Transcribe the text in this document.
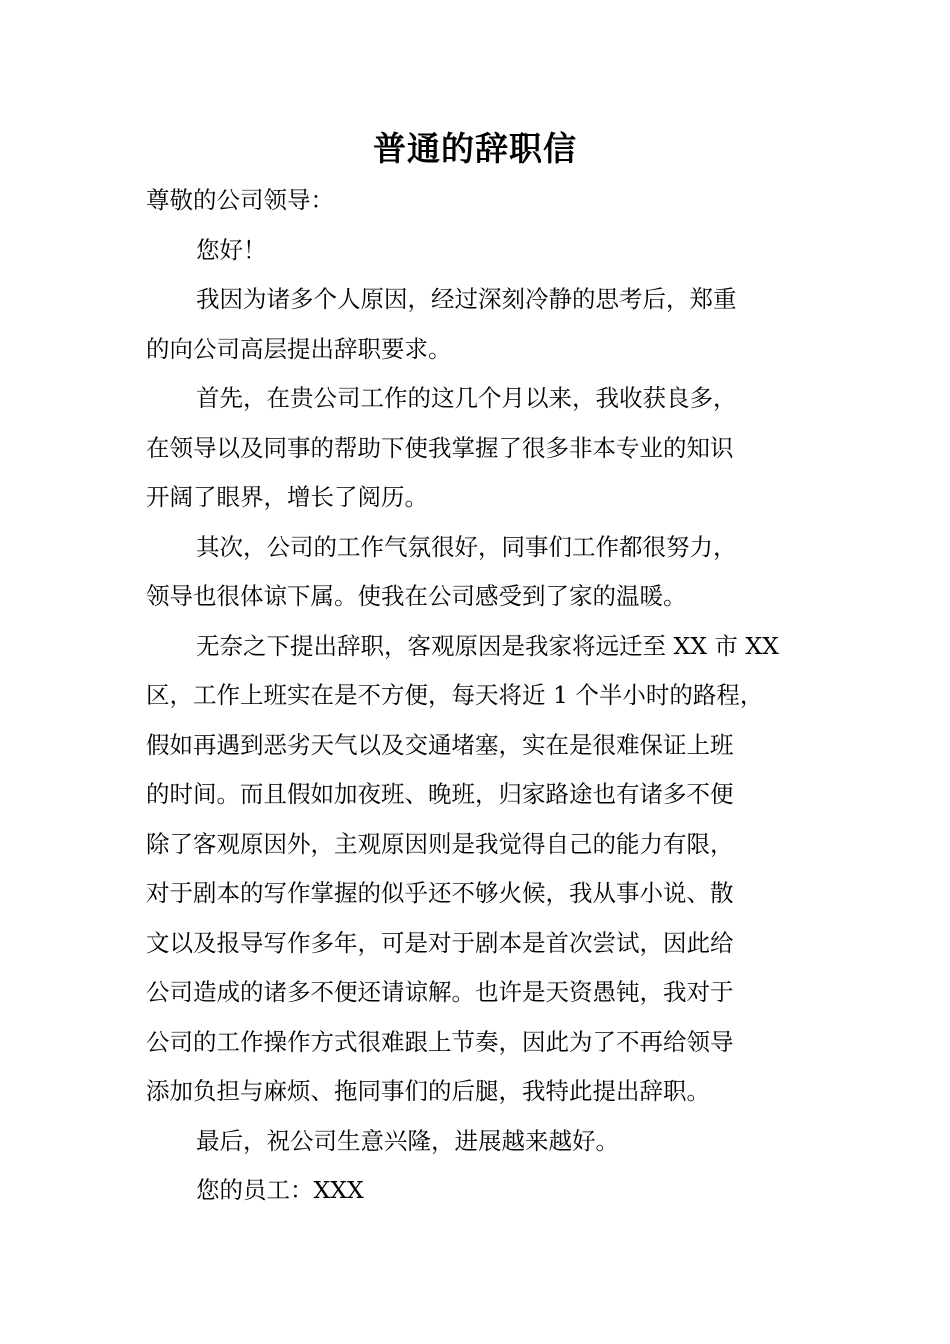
普通的辞职信
尊敬的公司领导：
您好！
我因为诸多个人原因，经过深刻冷静的思考后，郑重
的向公司高层提出辞职要求。
首先，在贵公司工作的这几个月以来，我收获良多，
在领导以及同事的帮助下使我掌握了很多非本专业的知识
开阔了眼界，增长了阅历。
其次，公司的工作气氛很好，同事们工作都很努力，
领导也很体谅下属。使我在公司感受到了家的温暖。
无奈之下提出辞职，客观原因是我家将远迁至 XX 市 XX
区，工作上班实在是不方便，每天将近 1 个半小时的路程，
假如再遇到恶劣天气以及交通堵塞，实在是很难保证上班
的时间。而且假如加夜班、晚班，归家路途也有诸多不便
除了客观原因外，主观原因则是我觉得自己的能力有限，
对于剧本的写作掌握的似乎还不够火候，我从事小说、散
文以及报导写作多年，可是对于剧本是首次尝试，因此给
公司造成的诸多不便还请谅解。也许是天资愚钝，我对于
公司的工作操作方式很难跟上节奏，因此为了不再给领导
添加负担与麻烦、拖同事们的后腿，我特此提出辞职。
最后，祝公司生意兴隆，进展越来越好。
您的员工：XXX
